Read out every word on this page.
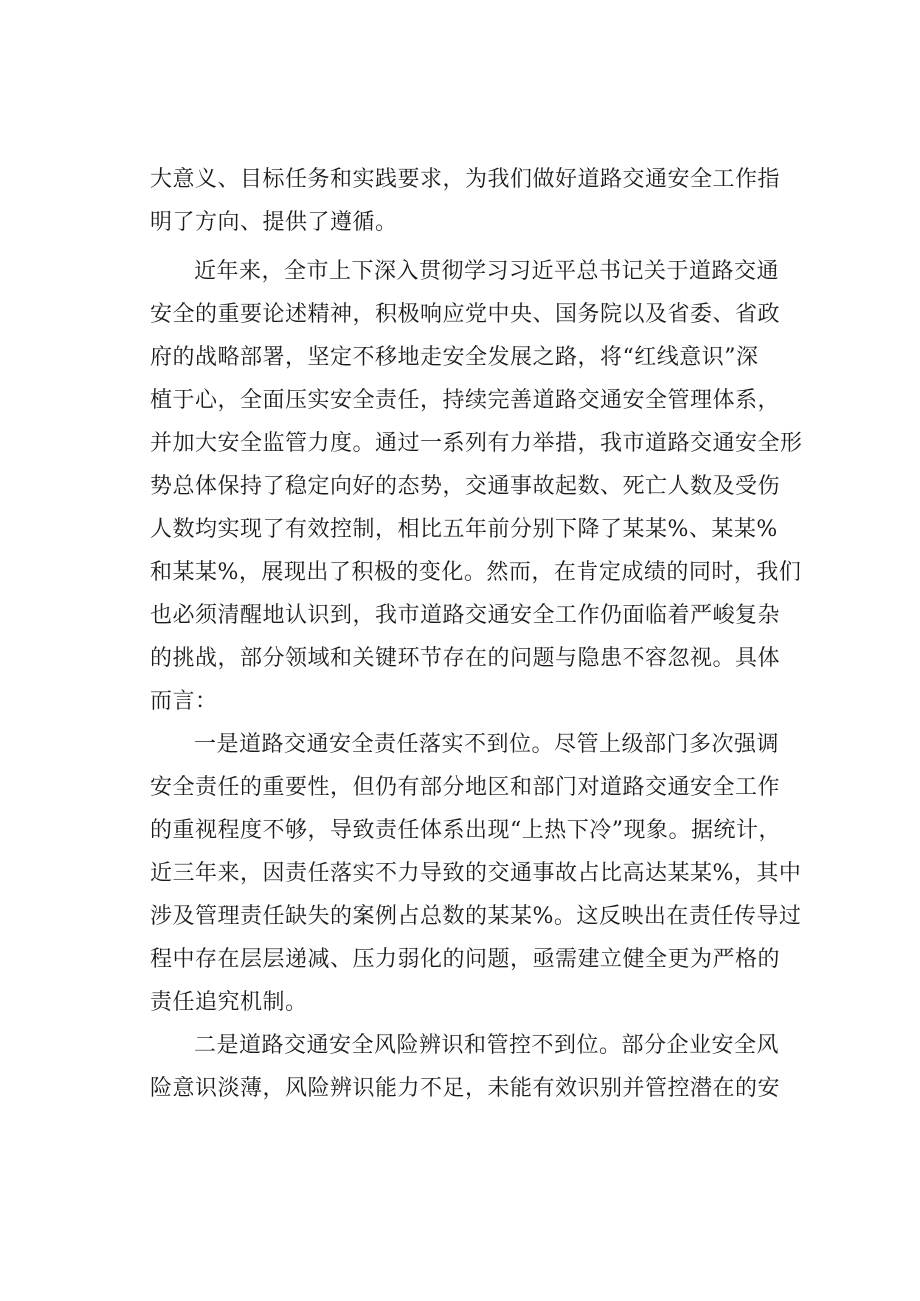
大意义、目标任务和实践要求，为我们做好道路交通安全工作指
明了方向、提供了遵循。
近年来，全市上下深入贯彻学习习近平总书记关于道路交通
安全的重要论述精神，积极响应党中央、国务院以及省委、省政
府的战略部署，坚定不移地走安全发展之路，将“红线意识”深
植于心，全面压实安全责任，持续完善道路交通安全管理体系，
并加大安全监管力度。通过一系列有力举措，我市道路交通安全形
势总体保持了稳定向好的态势，交通事故起数、死亡人数及受伤
人数均实现了有效控制，相比五年前分别下降了某某%、某某%
和某某%，展现出了积极的变化。然而，在肯定成绩的同时，我们
也必须清醒地认识到，我市道路交通安全工作仍面临着严峻复杂
的挑战，部分领域和关键环节存在的问题与隐患不容忽视。具体
而言：
一是道路交通安全责任落实不到位。尽管上级部门多次强调
安全责任的重要性，但仍有部分地区和部门对道路交通安全工作
的重视程度不够，导致责任体系出现“上热下冷”现象。据统计，
近三年来，因责任落实不力导致的交通事故占比高达某某%，其中
涉及管理责任缺失的案例占总数的某某%。这反映出在责任传导过
程中存在层层递减、压力弱化的问题，亟需建立健全更为严格的
责任追究机制。
二是道路交通安全风险辨识和管控不到位。部分企业安全风
险意识淡薄，风险辨识能力不足，未能有效识别并管控潜在的安
